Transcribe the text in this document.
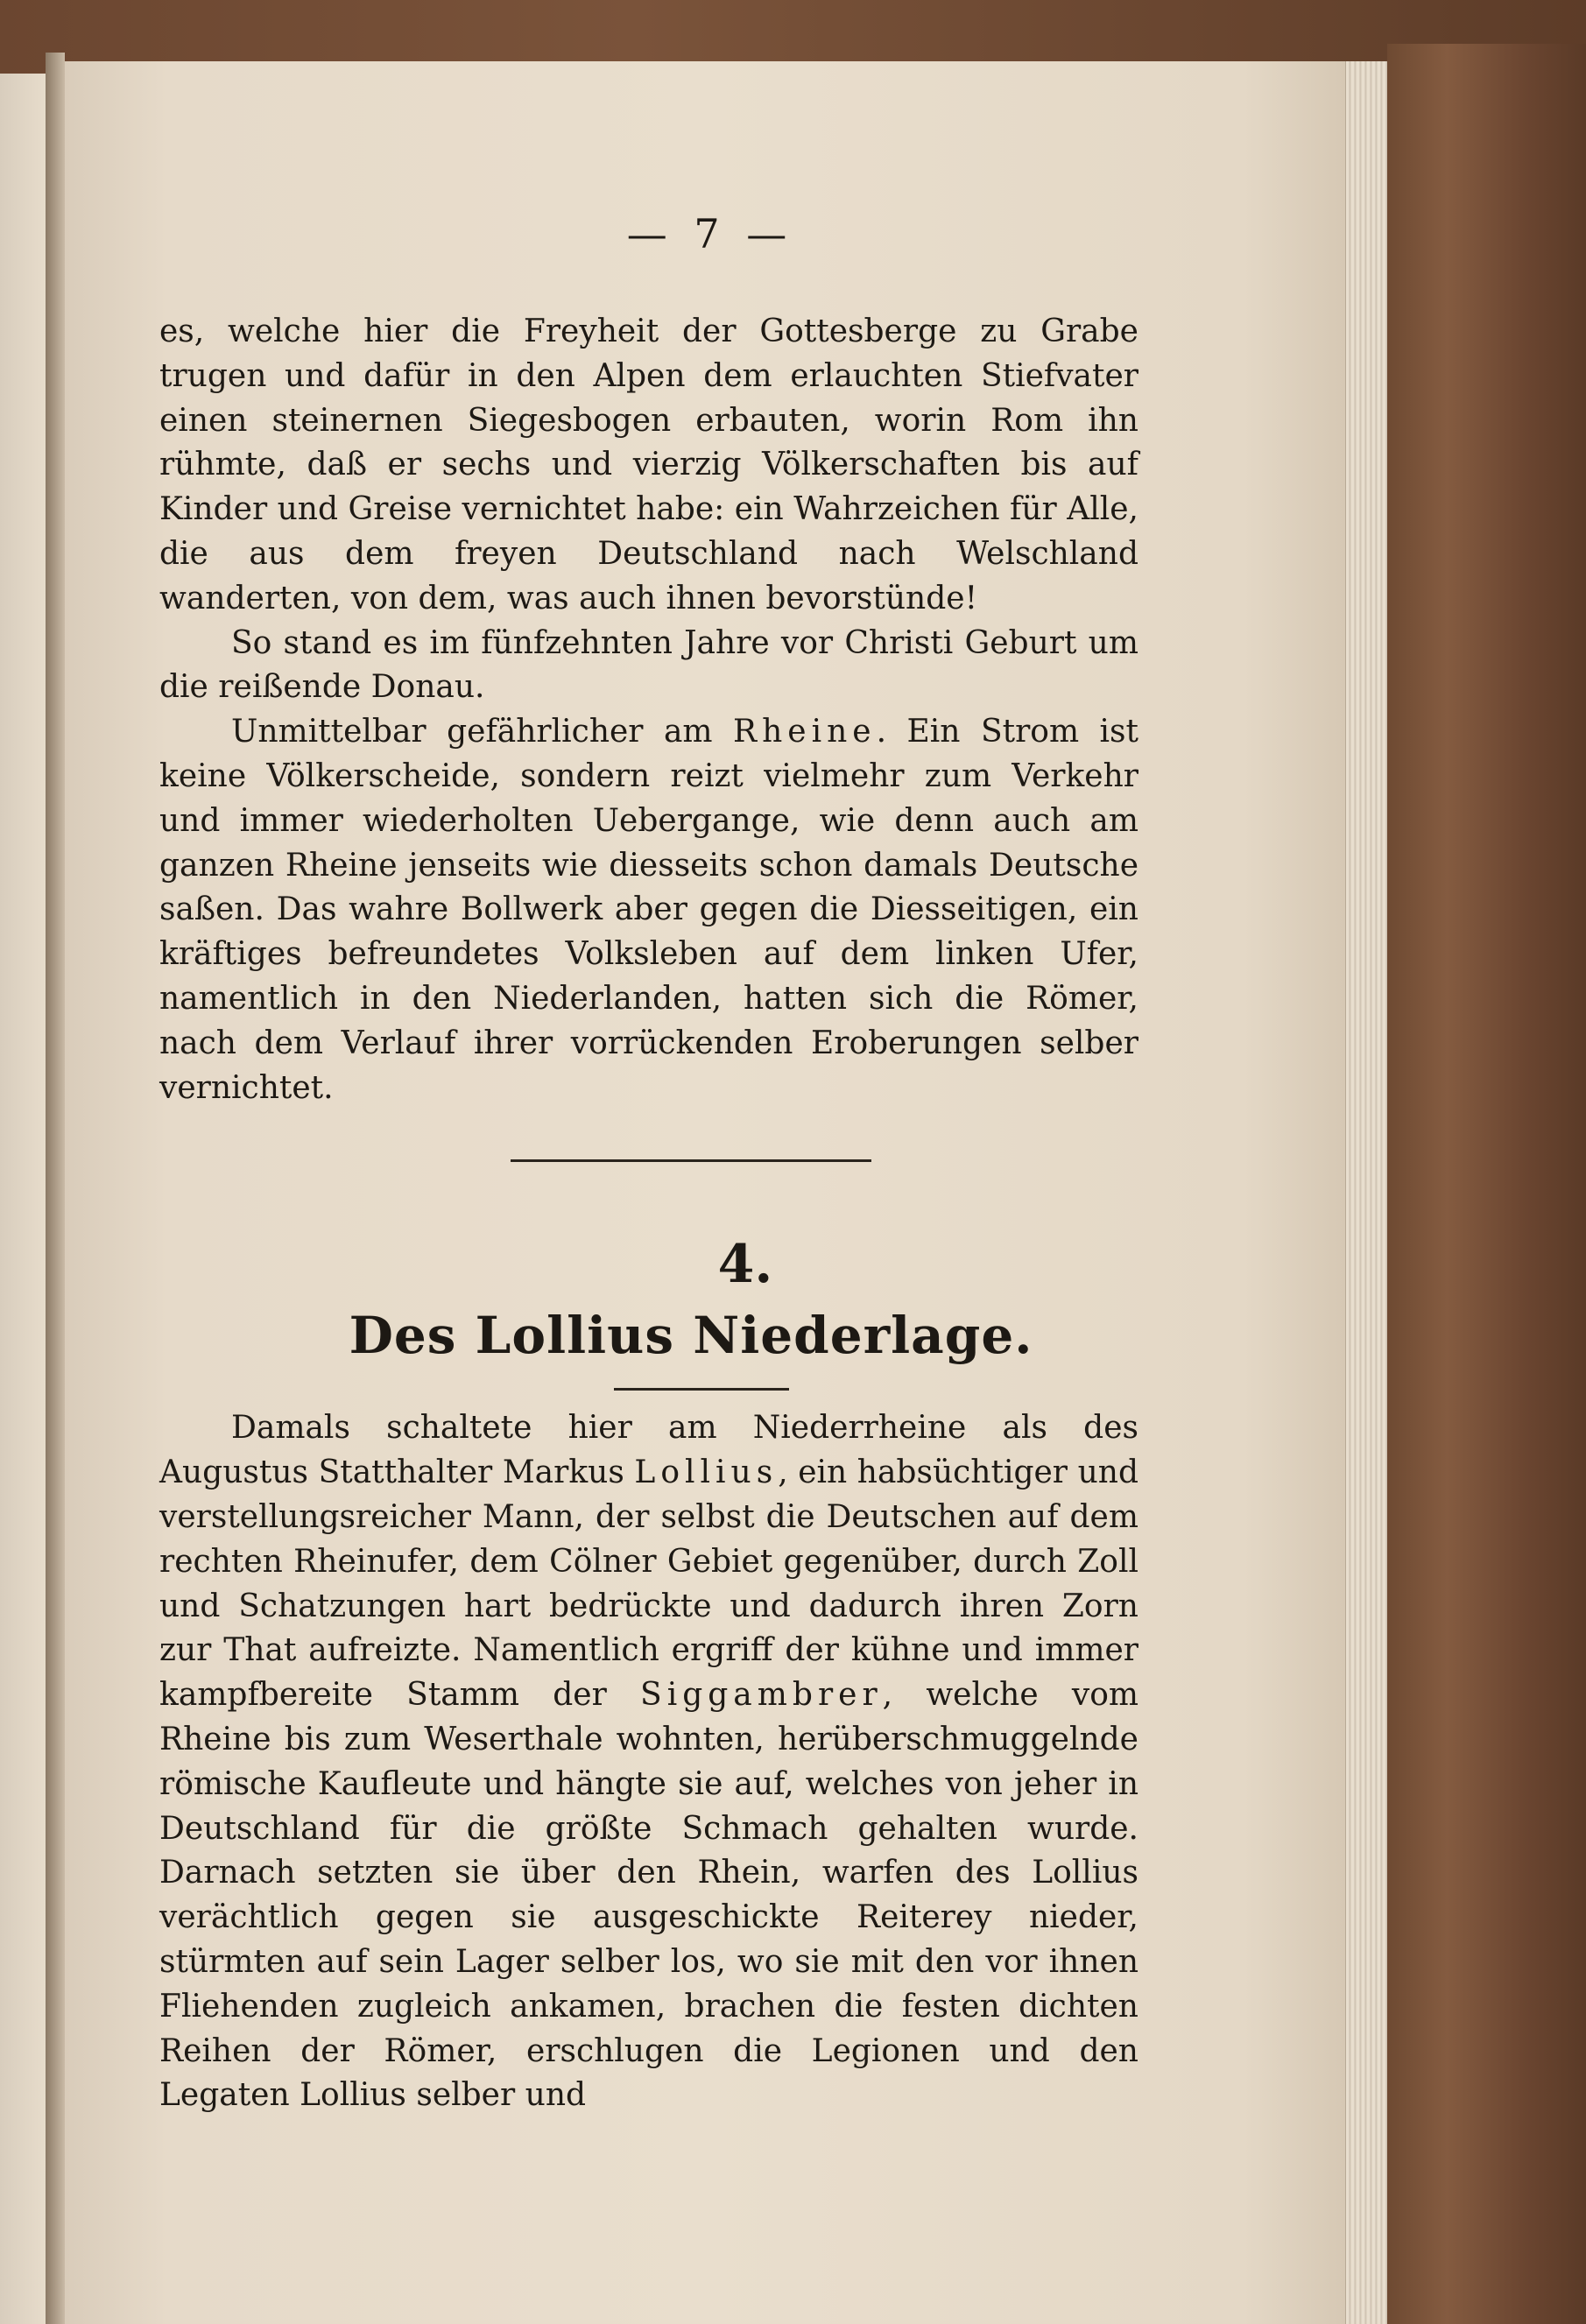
— 7 —

es, welche hier die Freyheit der Gottesberge zu Grabe trugen und dafür in den Alpen dem erlauchten Stiefvater einen steinernen Siegesbogen erbauten, worin Rom ihn rühmte, daß er sechs und vierzig Völkerschaften bis auf Kinder und Greise vernichtet habe: ein Wahrzeichen für Alle, die aus dem freyen Deutschland nach Welschland wanderten, von dem, was auch ihnen bevorstünde!

So stand es im fünfzehnten Jahre vor Christi Geburt um die reißende Donau.

Unmittelbar gefährlicher am Rheine. Ein Strom ist keine Völkerscheide, sondern reizt vielmehr zum Verkehr und immer wiederholten Uebergange, wie denn auch am ganzen Rheine jenseits wie diesseits schon damals Deutsche saßen. Das wahre Bollwerk aber gegen die Diesseitigen, ein kräftiges befreundetes Volksleben auf dem linken Ufer, namentlich in den Niederlanden, hatten sich die Römer, nach dem Verlauf ihrer vorrückenden Eroberungen selber vernichtet.

4.
Des Lollius Niederlage.

Damals schaltete hier am Niederrheine als des Augustus Statthalter Markus Lollius, ein habsüchtiger und verstellungsreicher Mann, der selbst die Deutschen auf dem rechten Rheinufer, dem Cölner Gebiet gegenüber, durch Zoll und Schatzungen hart bedrückte und dadurch ihren Zorn zur That aufreizte. Namentlich ergriff der kühne und immer kampfbereite Stamm der Siggambrer, welche vom Rheine bis zum Weserthale wohnten, herüberschmuggelnde römische Kaufleute und hängte sie auf, welches von jeher in Deutschland für die größte Schmach gehalten wurde. Darnach setzten sie über den Rhein, warfen des Lollius verächtlich gegen sie ausgeschickte Reiterey nieder, stürmten auf sein Lager selber los, wo sie mit den vor ihnen Fliehenden zugleich ankamen, brachen die festen dichten Reihen der Römer, erschlugen die Legionen und den Legaten Lollius selber und
